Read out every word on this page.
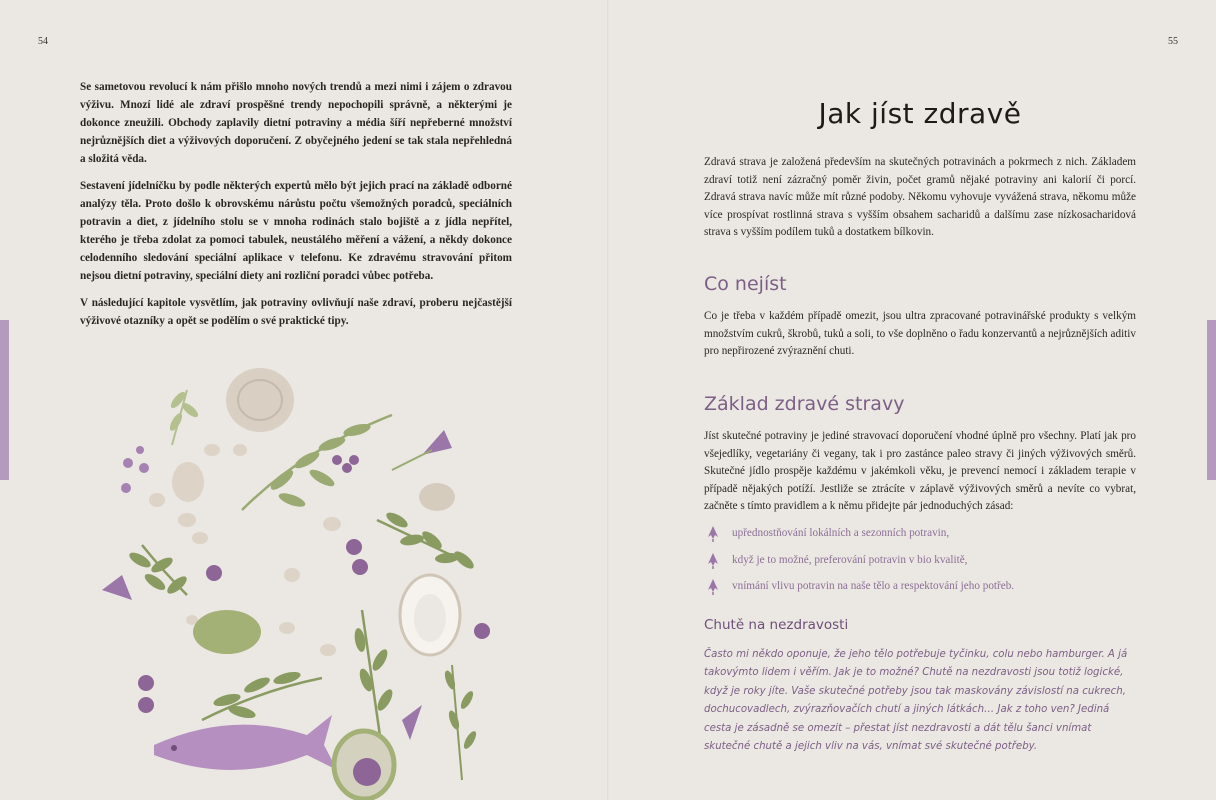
54

Se sametovou revolucí k nám přišlo mnoho nových trendů a mezi nimi i zájem o zdravou výživu. Mnozí lidé ale zdraví prospěšné trendy nepochopili správně, a některými je dokonce zneužili. Obchody zaplavily dietní potraviny a média šíří nepřeberné množství nejrůznějších diet a výživových doporučení. Z obyčejného jedení se tak stala nepřehledná a složitá věda.

Sestavení jídelníčku by podle některých expertů mělo být jejich prací na základě odborné analýzy těla. Proto došlo k obrovskému nárůstu počtu všemožných poradců, speciálních potravin a diet, z jídelního stolu se v mnoha rodinách stalo bojiště a z jídla nepřítel, kterého je třeba zdolat za pomoci tabulek, neustálého měření a vážení, a někdy dokonce celodenního sledování speciální aplikace v telefonu. Ke zdravému stravování přitom nejsou dietní potraviny, speciální diety ani rozliční poradci vůbec potřeba.

V následující kapitole vysvětlím, jak potraviny ovlivňují naše zdraví, proberu nejčastější výživové otazníky a opět se podělím o své praktické tipy.

55
Jak jíst zdravě

Zdravá strava je založená především na skutečných potravinách a pokrmech z nich. Základem zdraví totiž není zázračný poměr živin, počet gramů nějaké potraviny ani kalorií či porcí. Zdravá strava navíc může mít různé podoby. Někomu vyhovuje vyvážená strava, někomu může více prospívat rostlinná strava s vyšším obsahem sacharidů a dalšímu zase nízkosacharidová strava s vyšším podílem tuků a dostatkem bílkovin.

Co nejíst

Co je třeba v každém případě omezit, jsou ultra zpracované potravinářské produkty s velkým množstvím cukrů, škrobů, tuků a soli, to vše doplněno o řadu konzervantů a nejrůznějších aditiv pro nepřirozené zvýraznění chuti.

Základ zdravé stravy

Jíst skutečné potraviny je jediné stravovací doporučení vhodné úplně pro všechny. Platí jak pro všejedlíky, vegetariány či vegany, tak i pro zastánce paleo stravy či jiných výživových směrů. Skutečné jídlo prospěje každému v jakémkoli věku, je prevencí nemocí i základem terapie v případě nějakých potíží. Jestliže se ztrácíte v záplavě výživových směrů a nevíte co vybrat, začněte s tímto pravidlem a k němu přidejte pár jednoduchých zásad:

upřednostňování lokálních a sezonních potravin,
když je to možné, preferování potravin v bio kvalitě,
vnímání vlivu potravin na naše tělo a respektování jeho potřeb.
Chutě na nezdravosti

Často mi někdo oponuje, že jeho tělo potřebuje tyčinku, colu nebo hamburger. A já takovýmto lidem i věřím. Jak je to možné? Chutě na nezdravosti jsou totiž logické, když je roky jíte. Vaše skutečné potřeby jsou tak maskovány závislostí na cukrech, dochucovadlech, zvýrazňovačích chutí a jiných látkách… Jak z toho ven? Jediná cesta je zásadně se omezit – přestat jíst nezdravosti a dát tělu šanci vnímat skutečné chutě a jejich vliv na vás, vnímat své skutečné potřeby.
